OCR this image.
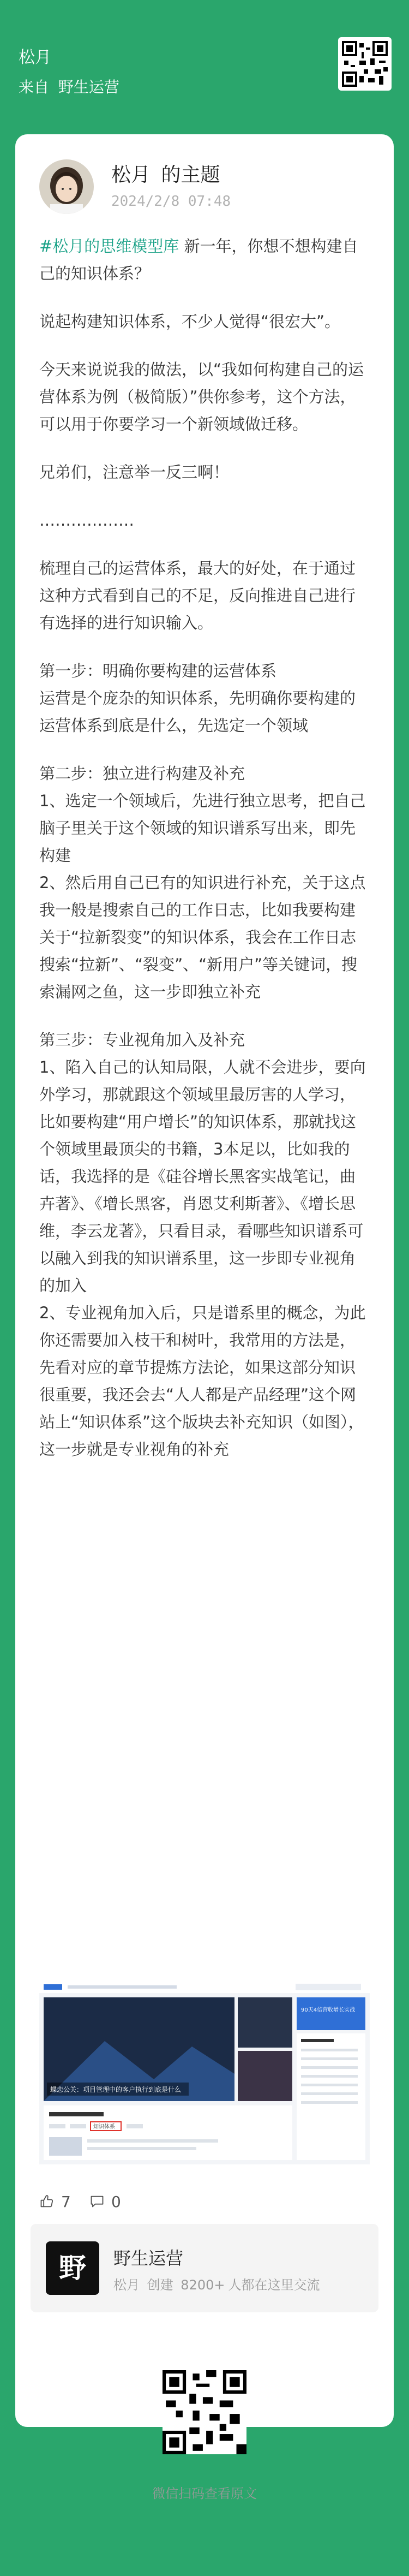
松月
来自 野生运营
松月 的主题
2024/2/8 07:48

#松月的思维模型库 新一年，你想不想构建自己的知识体系？

说起构建知识体系，不少人觉得“很宏大”。

今天来说说我的做法，以“我如何构建自己的运营体系为例（极简版）”供你参考，这个方法，可以用于你要学习一个新领域做迁移。

兄弟们，注意举一反三啊！

………………

梳理自己的运营体系，最大的好处，在于通过这种方式看到自己的不足，反向推进自己进行有选择的进行知识输入。

第一步：明确你要构建的运营体系
运营是个庞杂的知识体系，先明确你要构建的运营体系到底是什么，先选定一个领域

第二步：独立进行构建及补充
1、选定一个领域后，先进行独立思考，把自己脑子里关于这个领域的知识谱系写出来，即先构建
2、然后用自己已有的知识进行补充，关于这点我一般是搜索自己的工作日志，比如我要构建关于“拉新裂变”的知识体系，我会在工作日志搜索“拉新”、“裂变”、“新用户”等关键词，搜索漏网之鱼，这一步即独立补充

第三步：专业视角加入及补充
1、陷入自己的认知局限，人就不会进步，要向外学习，那就跟这个领域里最厉害的人学习，比如要构建“用户增长”的知识体系，那就找这个领域里最顶尖的书籍，3本足以，比如我的话，我选择的是《硅谷增长黑客实战笔记，曲卉著》、《增长黑客，肖恩艾利斯著》、《增长思维，李云龙著》，只看目录，看哪些知识谱系可以融入到我的知识谱系里，这一步即专业视角的加入
2、专业视角加入后，只是谱系里的概念，为此你还需要加入枝干和树叶，我常用的方法是，先看对应的章节提炼方法论，如果这部分知识很重要，我还会去“人人都是产品经理”这个网站上“知识体系”这个版块去补充知识（如图），这一步就是专业视角的补充

蝶恋公关：项目管理中的客户执行到底是什么
90天4倍营收增长实战
知识体系
7	0
野 野生运营
松月 创建 8200+ 人都在这里交流
微信扫码查看原文
